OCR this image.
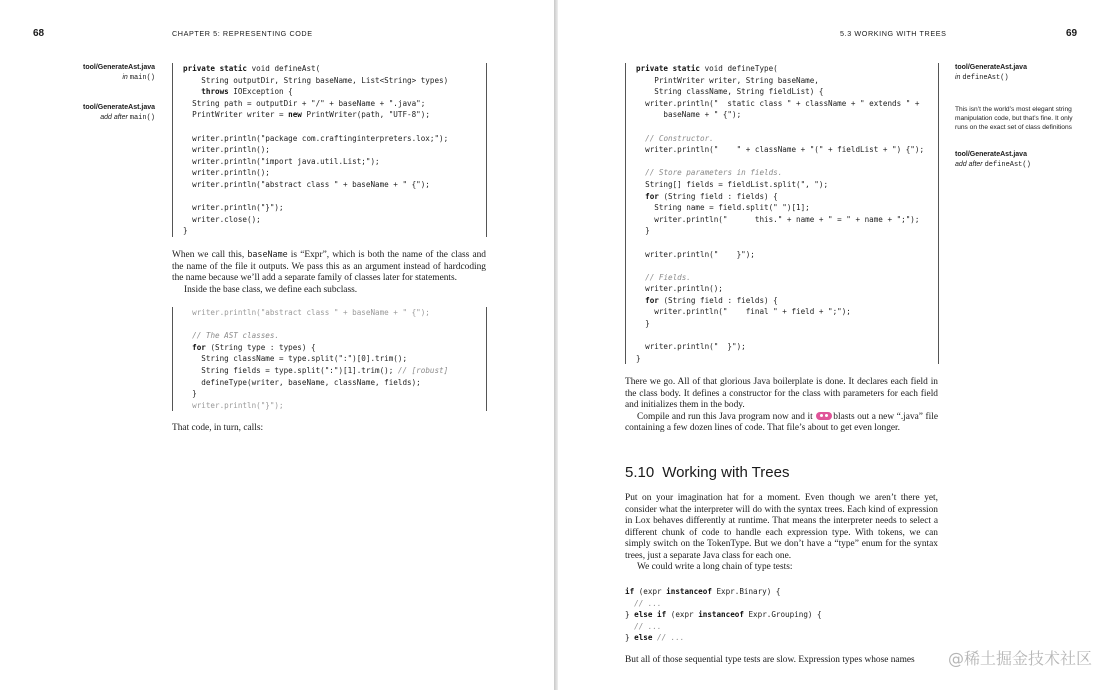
68	CHAPTER 5: REPRESENTING CODE
tool/GenerateAst.java
in main()
tool/GenerateAst.java
add after main()
private static void defineAst(
String outputDir, String baseName, List<String> types)
throws IOException {
String path = outputDir + "/" + baseName + ".java";
PrintWriter writer = new PrintWriter(path, "UTF-8");
writer.println("package com.craftinginterpreters.lox;");
writer.println();
writer.println("import java.util.List;");
writer.println();
writer.println("abstract class " + baseName + " {");
writer.println("}");
writer.close();
}

When we call this, baseName is “Expr”, which is both the name of the class and the name of the file it outputs. We pass this as an argument instead of hardcoding the name because we’ll add a separate family of classes later for statements.

Inside the base class, we define each subclass.

writer.println("abstract class " + baseName + " {");
// The AST classes.
for (String type : types) {
String className = type.split(":")[0].trim();
String fields = type.split(":")[1].trim(); // [robust]
defineType(writer, baseName, className, fields);
}
writer.println("}");

That code, in turn, calls:

5.3 WORKING WITH TREES	69
private static void defineType(
PrintWriter writer, String baseName,
String className, String fieldList) {
writer.println("  static class " + className + " extends " +
baseName + " {");
// Constructor.
writer.println("    " + className + "(" + fieldList + ") {");
// Store parameters in fields.
String[] fields = fieldList.split(", ");
for (String field : fields) {
String name = field.split(" ")[1];
writer.println("      this." + name + " = " + name + ";");
}
writer.println("    }");
// Fields.
writer.println();
for (String field : fields) {
writer.println("    final " + field + ";");
}
writer.println("  }");
}
tool/GenerateAst.java
in defineAst()
This isn’t the world’s most elegant string manipulation code, but that’s fine. It only runs on the exact set of class definitions
tool/GenerateAst.java
add after defineAst()

There we go. All of that glorious Java boilerplate is done. It declares each field in the class body. It defines a constructor for the class with parameters for each field and initializes them in the body.

Compile and run this Java program now and it blasts out a new “.java” file containing a few dozen lines of code. That file’s about to get even longer.

5.10 Working with Trees

Put on your imagination hat for a moment. Even though we aren’t there yet, consider what the interpreter will do with the syntax trees. Each kind of expression in Lox behaves differently at runtime. That means the interpreter needs to select a different chunk of code to handle each expression type. With tokens, we can simply switch on the TokenType. But we don’t have a “type” enum for the syntax trees, just a separate Java class for each one.

We could write a long chain of type tests:

if (expr instanceof Expr.Binary) {
// ...
} else if (expr instanceof Expr.Grouping) {
// ...
} else // ...

But all of those sequential type tests are slow. Expression types whose names	@稀土掘金技术社区
